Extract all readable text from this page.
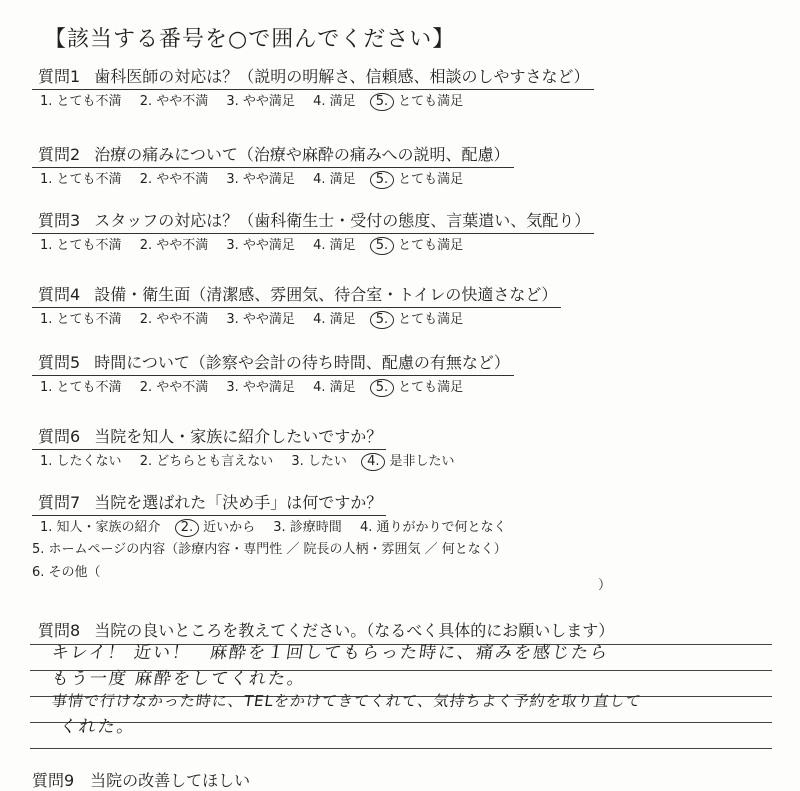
【該当する番号を○で囲んでください】
質問1 歯科医師の対応は？（説明の明解さ、信頼感、相談のしやすさなど）
1. とても不満 2. やや不満 3. やや満足 4. 満足 5. とても満足
質問2 治療の痛みについて（治療や麻酔の痛みへの説明、配慮）
1. とても不満 2. やや不満 3. やや満足 4. 満足 5. とても満足
質問3 スタッフの対応は？（歯科衛生士・受付の態度、言葉遣い、気配り）
1. とても不満 2. やや不満 3. やや満足 4. 満足 5. とても満足
質問4 設備・衛生面（清潔感、雰囲気、待合室・トイレの快適さなど）
1. とても不満 2. やや不満 3. やや満足 4. 満足 5. とても満足
質問5 時間について（診察や会計の待ち時間、配慮の有無など）
1. とても不満 2. やや不満 3. やや満足 4. 満足 5. とても満足
質問6 当院を知人・家族に紹介したいですか？
1. したくない 2. どちらとも言えない 3. したい 4. 是非したい
質問7 当院を選ばれた「決め手」は何ですか？
1. 知人・家族の紹介 2. 近いから 3. 診療時間 4. 通りがかりで何となく
5. ホームページの内容（診療内容・専門性 ／ 院長の人柄・雰囲気 ／ 何となく）
6. その他（
）
質問8 当院の良いところを教えてください。（なるべく具体的にお願いします）
キレイ！ 近い！　麻酔を１回してもらった時に、痛みを感じたら
もう一度 麻酔をしてくれた。
事情で行けなかった時に、TELをかけてきてくれて、気持ちよく予約を取り直して
くれた。
質問9　当院の改善してほしい
